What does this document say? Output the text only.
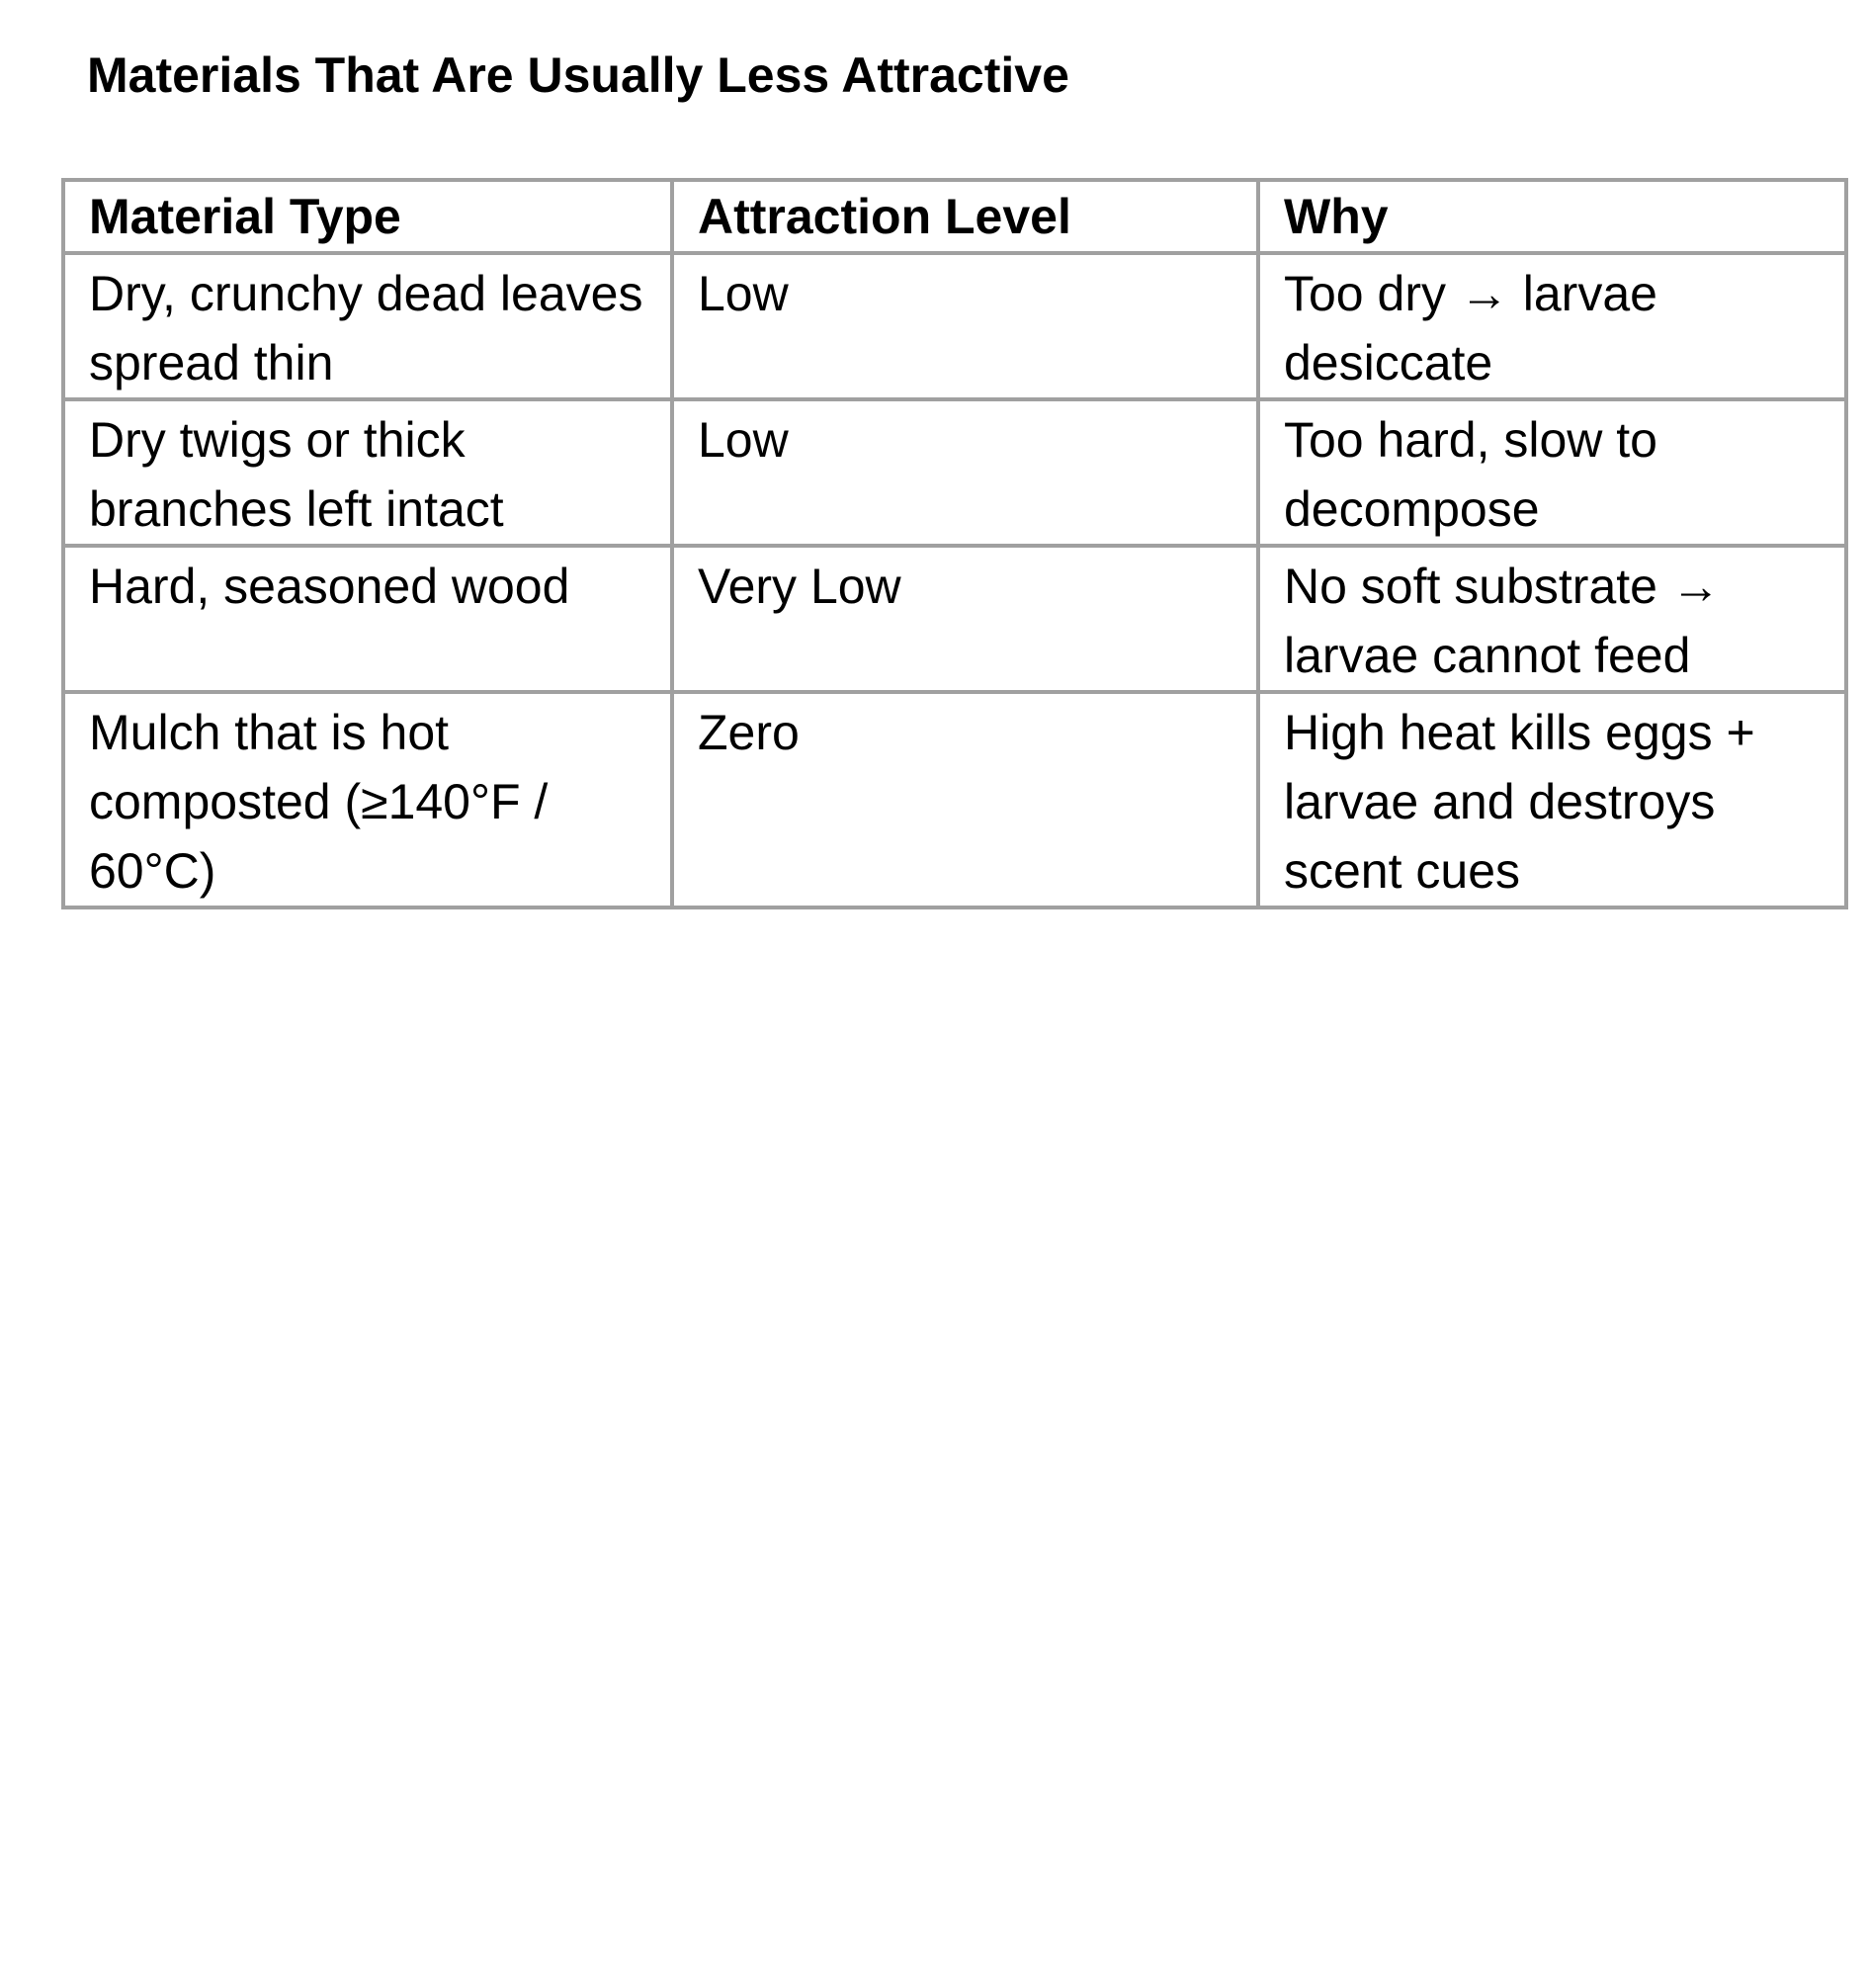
Materials That Are Usually Less Attractive
Material Type	Attraction Level	Why
Dry, crunchy dead leaves spread thin	Low	Too dry → larvae desiccate
Dry twigs or thick branches left intact	Low	Too hard, slow to decompose
Hard, seasoned wood	Very Low	No soft substrate → larvae cannot feed
Mulch that is hot composted (≥140°F / 60°C)	Zero	High heat kills eggs + larvae and destroys scent cues
